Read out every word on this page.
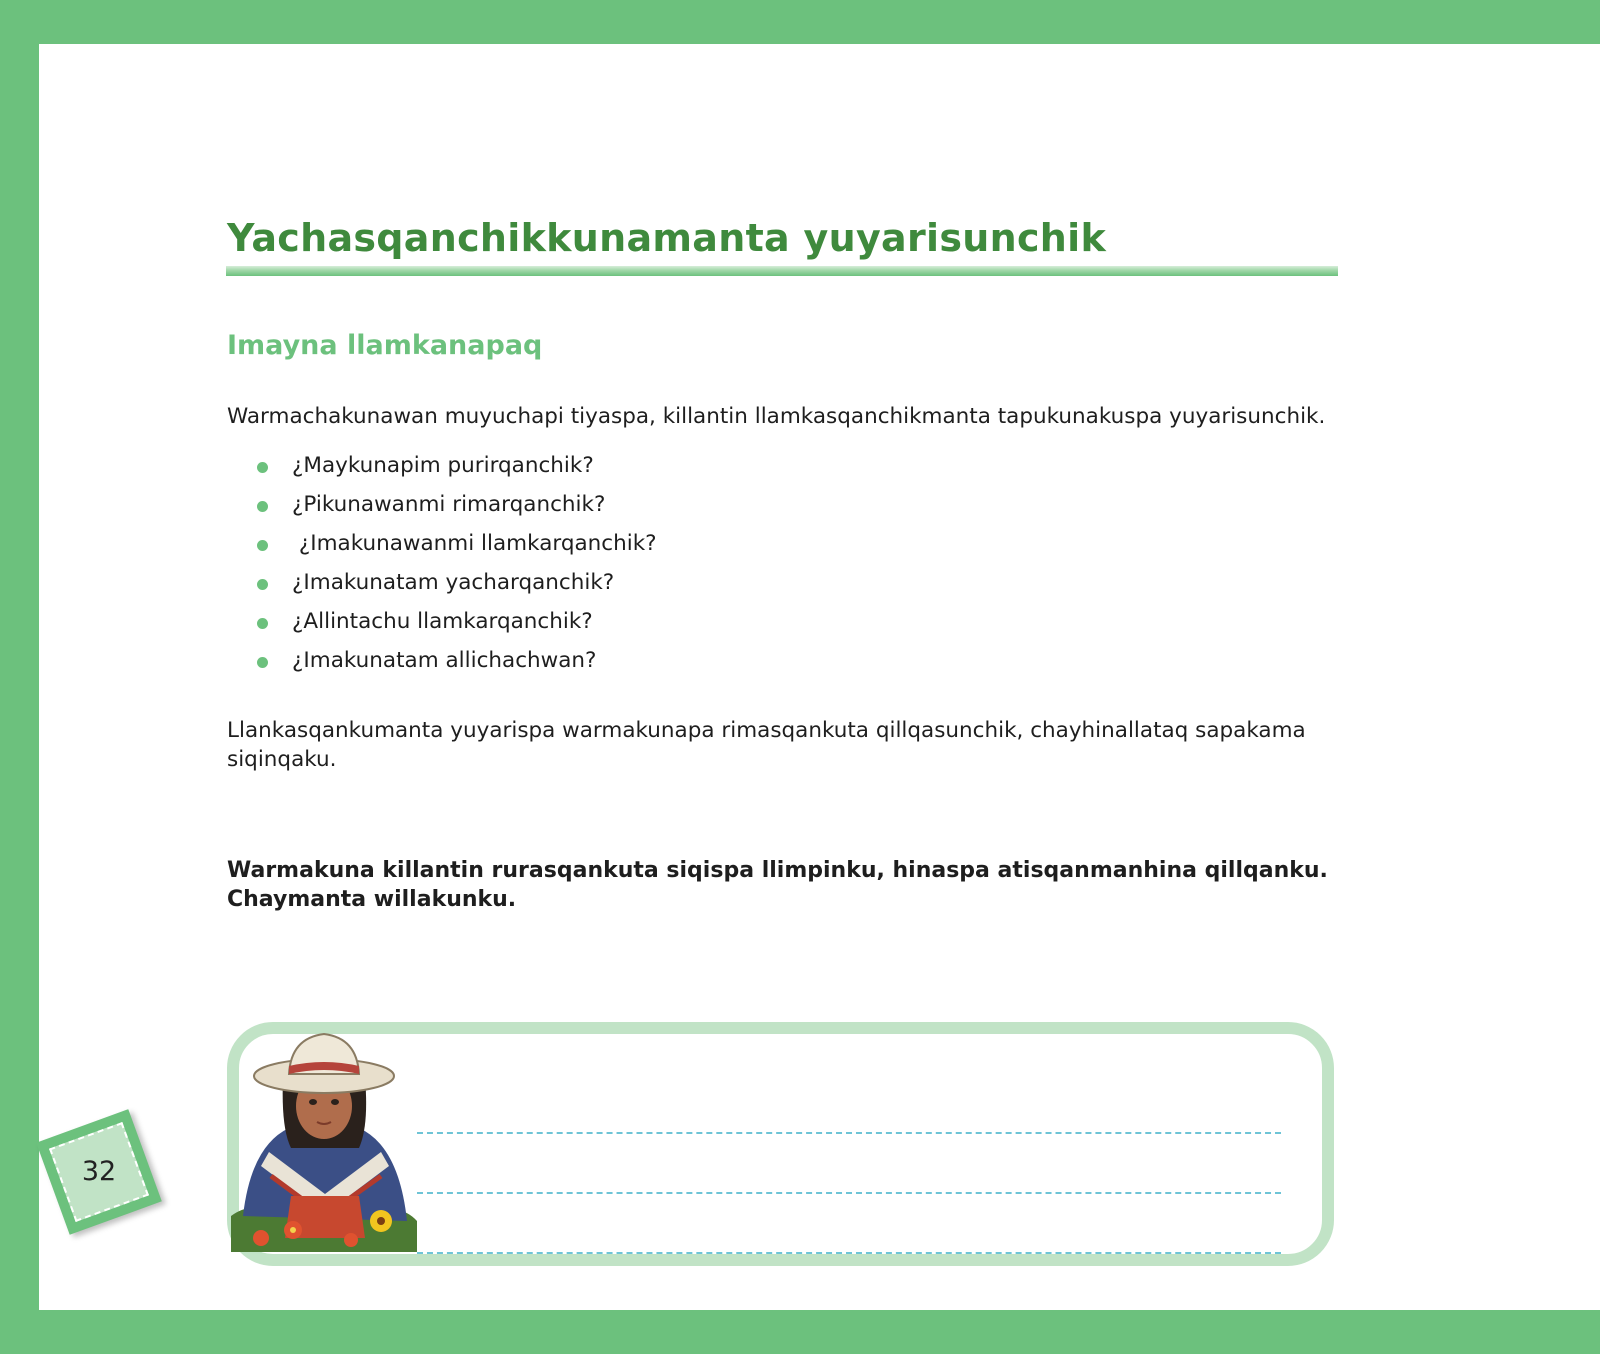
Yachasqanchikkunamanta yuyarisunchik
Imayna llamkanapaq

Warmachakunawan muyuchapi tiyaspa, killantin llamkasqanchikmanta tapukunakuspa yuyarisunchik.

¿Maykunapim purirqanchik?
¿Pikunawanmi rimarqanchik?
¿Imakunawanmi llamkarqanchik?
¿Imakunatam yacharqanchik?
¿Allintachu llamkarqanchik?
¿Imakunatam allichachwan?

Llankasqankumanta yuyarispa warmakunapa rimasqankuta qillqasunchik, chayhinallataq sapakama siqinqaku.

Warmakuna killantin rurasqankuta siqispa llimpinku, hinaspa atisqanmanhina qillqanku. Chaymanta willakunku.

32
